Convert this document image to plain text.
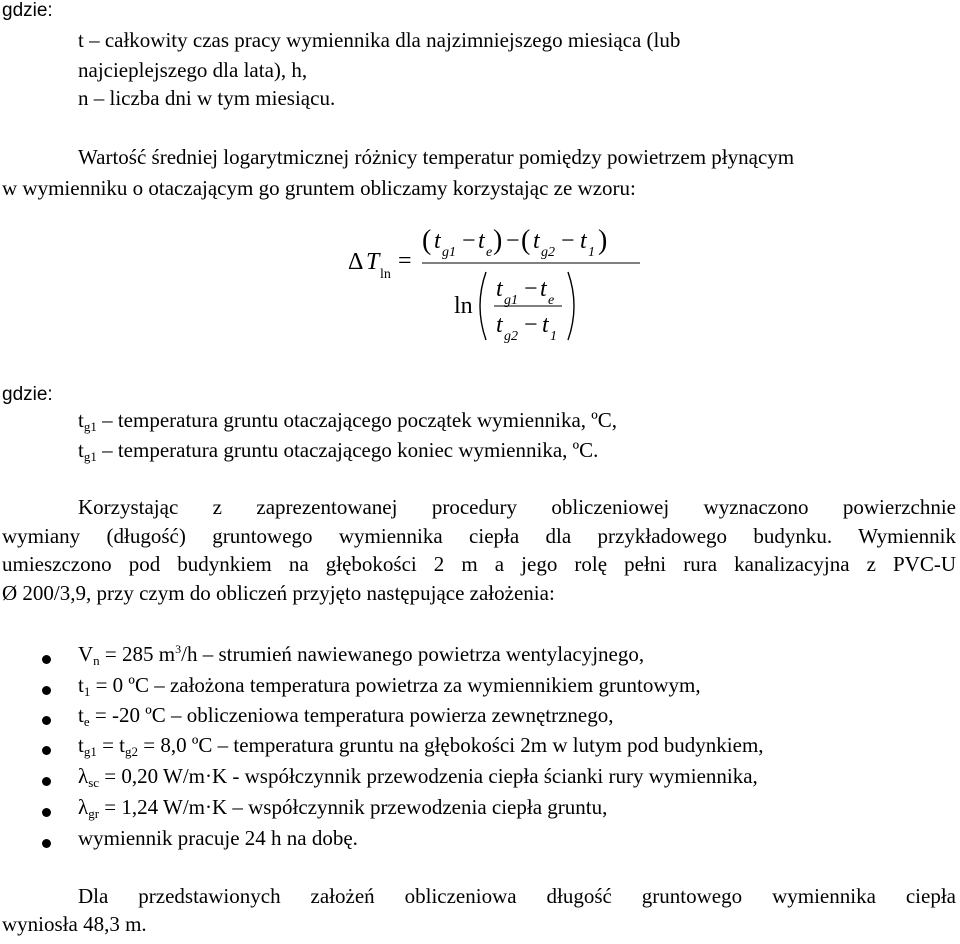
gdzie:
t – całkowity czas pracy wymiennika dla najzimniejszego miesiąca (lub
najcieplejszego dla lata), h,
n – liczba dni w tym miesiącu.
Wartość średniej logarytmicznej różnicy temperatur pomiędzy powietrzem płynącym
w wymienniku o otaczającym go gruntem obliczamy korzystając ze wzoru:
Δ T ln
=
( t g1 − t e ) − ( t g2 − t 1 )
ln
t g1 − t e
t g2 − t 1
gdzie:
$t_{g1}$ – temperatura gruntu otaczającego początek wymiennika, ºC,
$t_{g1}$ – temperatura gruntu otaczającego koniec wymiennika, ºC.
Korzystając z zaprezentowanej procedury obliczeniowej wyznaczono powierzchnie
wymiany (długość) gruntowego wymiennika ciepła dla przykładowego budynku. Wymiennik
umieszczono pod budynkiem na głębokości 2 m a jego rolę pełni rura kanalizacyjna z PVC-U
Ø 200/3,9, przy czym do obliczeń przyjęto następujące założenia:
$V_n = 285$ $m^3/h$ – strumień nawiewanego powietrza wentylacyjnego,
$t_1 = 0$ ºC – założona temperatura powietrza za wymiennikiem gruntowym,
$t_e = -20$ ºC – obliczeniowa temperatura powierza zewnętrznego,
$t_{g1} = t_{g2} = 8,0$ ºC – temperatura gruntu na głębokości 2m w lutym pod budynkiem,
$\lambda_{sc} = 0,20$ W/m·K - współczynnik przewodzenia ciepła ścianki rury wymiennika,
$\lambda_{gr} = 1,24$ W/m·K – współczynnik przewodzenia ciepła gruntu,
wymiennik pracuje 24 h na dobę.
Dla przedstawionych założeń obliczeniowa długość gruntowego wymiennika ciepła
wyniosła 48,3 m.
